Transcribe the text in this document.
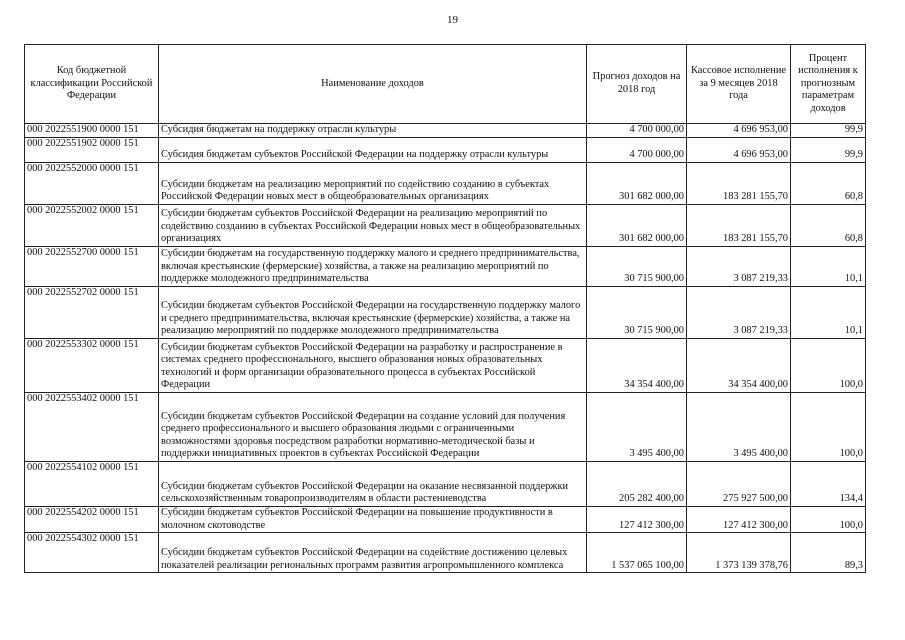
19
Код бюджетной классификации Российской Федерации	Наименование доходов	Прогноз доходов на 2018 год	Кассовое исполнение за 9 месяцев 2018 года	Процент исполнения к прогнозным параметрам доходов
000 2022551900 0000 151	Субсидия бюджетам на поддержку отрасли культуры	4 700 000,00	4 696 953,00	99,9
000 2022551902 0000 151	Субсидия бюджетам субъектов Российской Федерации на поддержку отрасли культуры	4 700 000,00	4 696 953,00	99,9
000 2022552000 0000 151	Субсидии бюджетам на реализацию мероприятий по содействию созданию в субъектах Российской Федерации новых мест в общеобразовательных организациях	301 682 000,00	183 281 155,70	60,8
000 2022552002 0000 151	Субсидии бюджетам субъектов Российской Федерации на реализацию мероприятий по содействию созданию в субъектах Российской Федерации новых мест в общеобразовательных организациях	301 682 000,00	183 281 155,70	60,8
000 2022552700 0000 151	Субсидии бюджетам на государственную поддержку малого и среднего предпринимательства, включая крестьянские (фермерские) хозяйства, а также на реализацию мероприятий по поддержке молодежного предпринимательства	30 715 900,00	3 087 219,33	10,1
000 2022552702 0000 151	Субсидии бюджетам субъектов Российской Федерации на государственную поддержку малого и среднего предпринимательства, включая крестьянские (фермерские) хозяйства, а также на реализацию мероприятий по поддержке молодежного предпринимательства	30 715 900,00	3 087 219,33	10,1
000 2022553302 0000 151	Субсидии бюджетам субъектов Российской Федерации на разработку и распространение в системах среднего профессионального, высшего образования новых образовательных технологий и форм организации образовательного процесса в субъектах Российской Федерации	34 354 400,00	34 354 400,00	100,0
000 2022553402 0000 151	Субсидии бюджетам субъектов Российской Федерации на создание условий для получения среднего профессионального и высшего образования людьми с ограниченными возможностями здоровья посредством разработки нормативно-методической базы и поддержки инициативных проектов в субъектах Российской Федерации	3 495 400,00	3 495 400,00	100,0
000 2022554102 0000 151	Субсидии бюджетам субъектов Российской Федерации на оказание несвязанной поддержки сельскохозяйственным товаропроизводителям в области растениеводства	205 282 400,00	275 927 500,00	134,4
000 2022554202 0000 151	Субсидии бюджетам субъектов Российской Федерации на повышение продуктивности в молочном скотоводстве	127 412 300,00	127 412 300,00	100,0
000 2022554302 0000 151	Субсидии бюджетам субъектов Российской Федерации на содействие достижению целевых показателей реализации региональных программ развития агропромышленного комплекса	1 537 065 100,00	1 373 139 378,76	89,3
